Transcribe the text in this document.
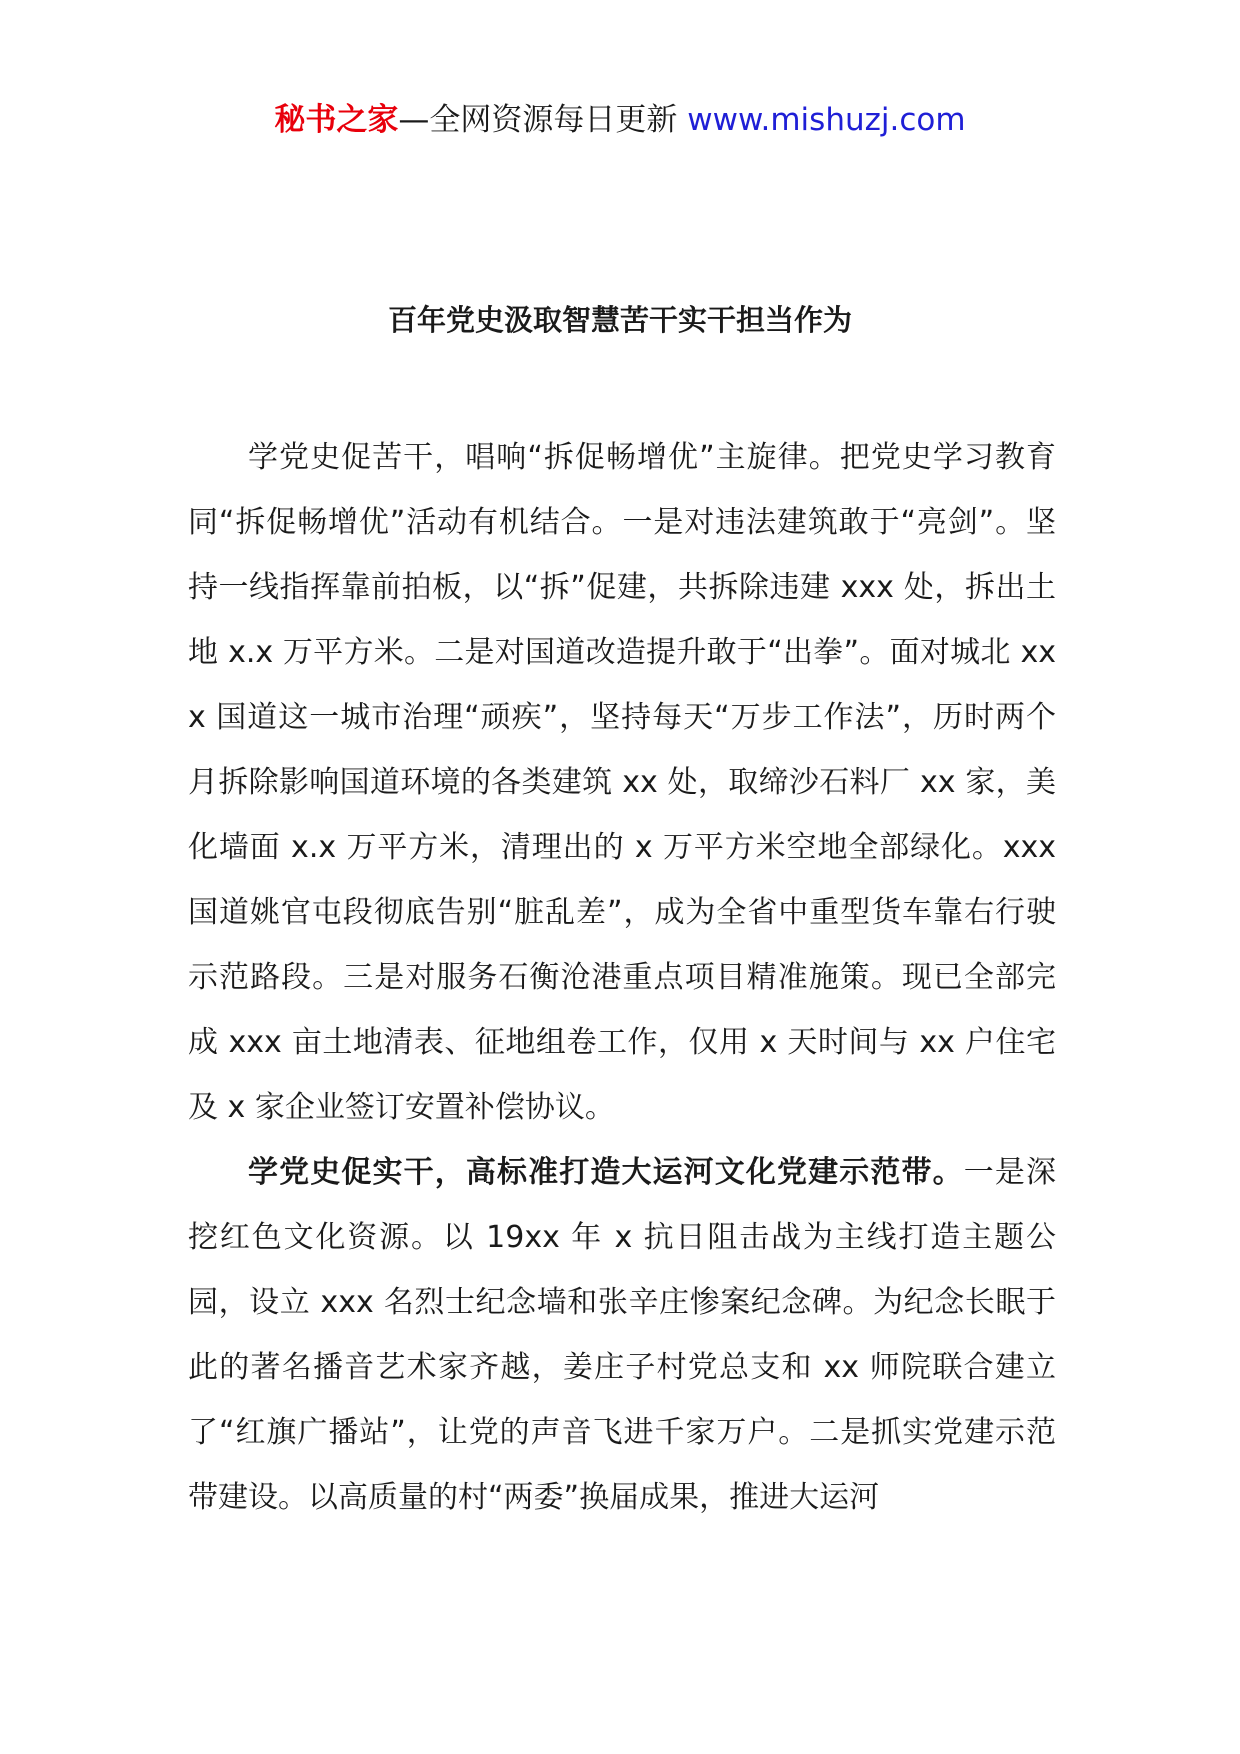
秘书之家—全网资源每日更新 www.mishuzj.com
百年党史汲取智慧苦干实干担当作为

学党史促苦干，唱响“拆促畅增优”主旋律。把党史学习教育同“拆促畅增优”活动有机结合。一是对违法建筑敢于“亮剑”。坚持一线指挥靠前拍板，以“拆”促建，共拆除违建 xxx 处，拆出土地 x.x 万平方米。二是对国道改造提升敢于“出拳”。面对城北 xxx 国道这一城市治理“顽疾”，坚持每天“万步工作法”，历时两个月拆除影响国道环境的各类建筑 xx 处，取缔沙石料厂 xx 家，美化墙面 x.x 万平方米，清理出的 x 万平方米空地全部绿化。xxx 国道姚官屯段彻底告别“脏乱差”，成为全省中重型货车靠右行驶示范路段。三是对服务石衡沧港重点项目精准施策。现已全部完成 xxx 亩土地清表、征地组卷工作，仅用 x 天时间与 xx 户住宅及 x 家企业签订安置补偿协议。

学党史促实干，高标准打造大运河文化党建示范带。一是深挖红色文化资源。以 19xx 年 x 抗日阻击战为主线打造主题公园，设立 xxx 名烈士纪念墙和张辛庄惨案纪念碑。为纪念长眠于此的著名播音艺术家齐越，姜庄子村党总支和 xx 师院联合建立了“红旗广播站”，让党的声音飞进千家万户。二是抓实党建示范带建设。以高质量的村“两委”换届成果，推进大运河
